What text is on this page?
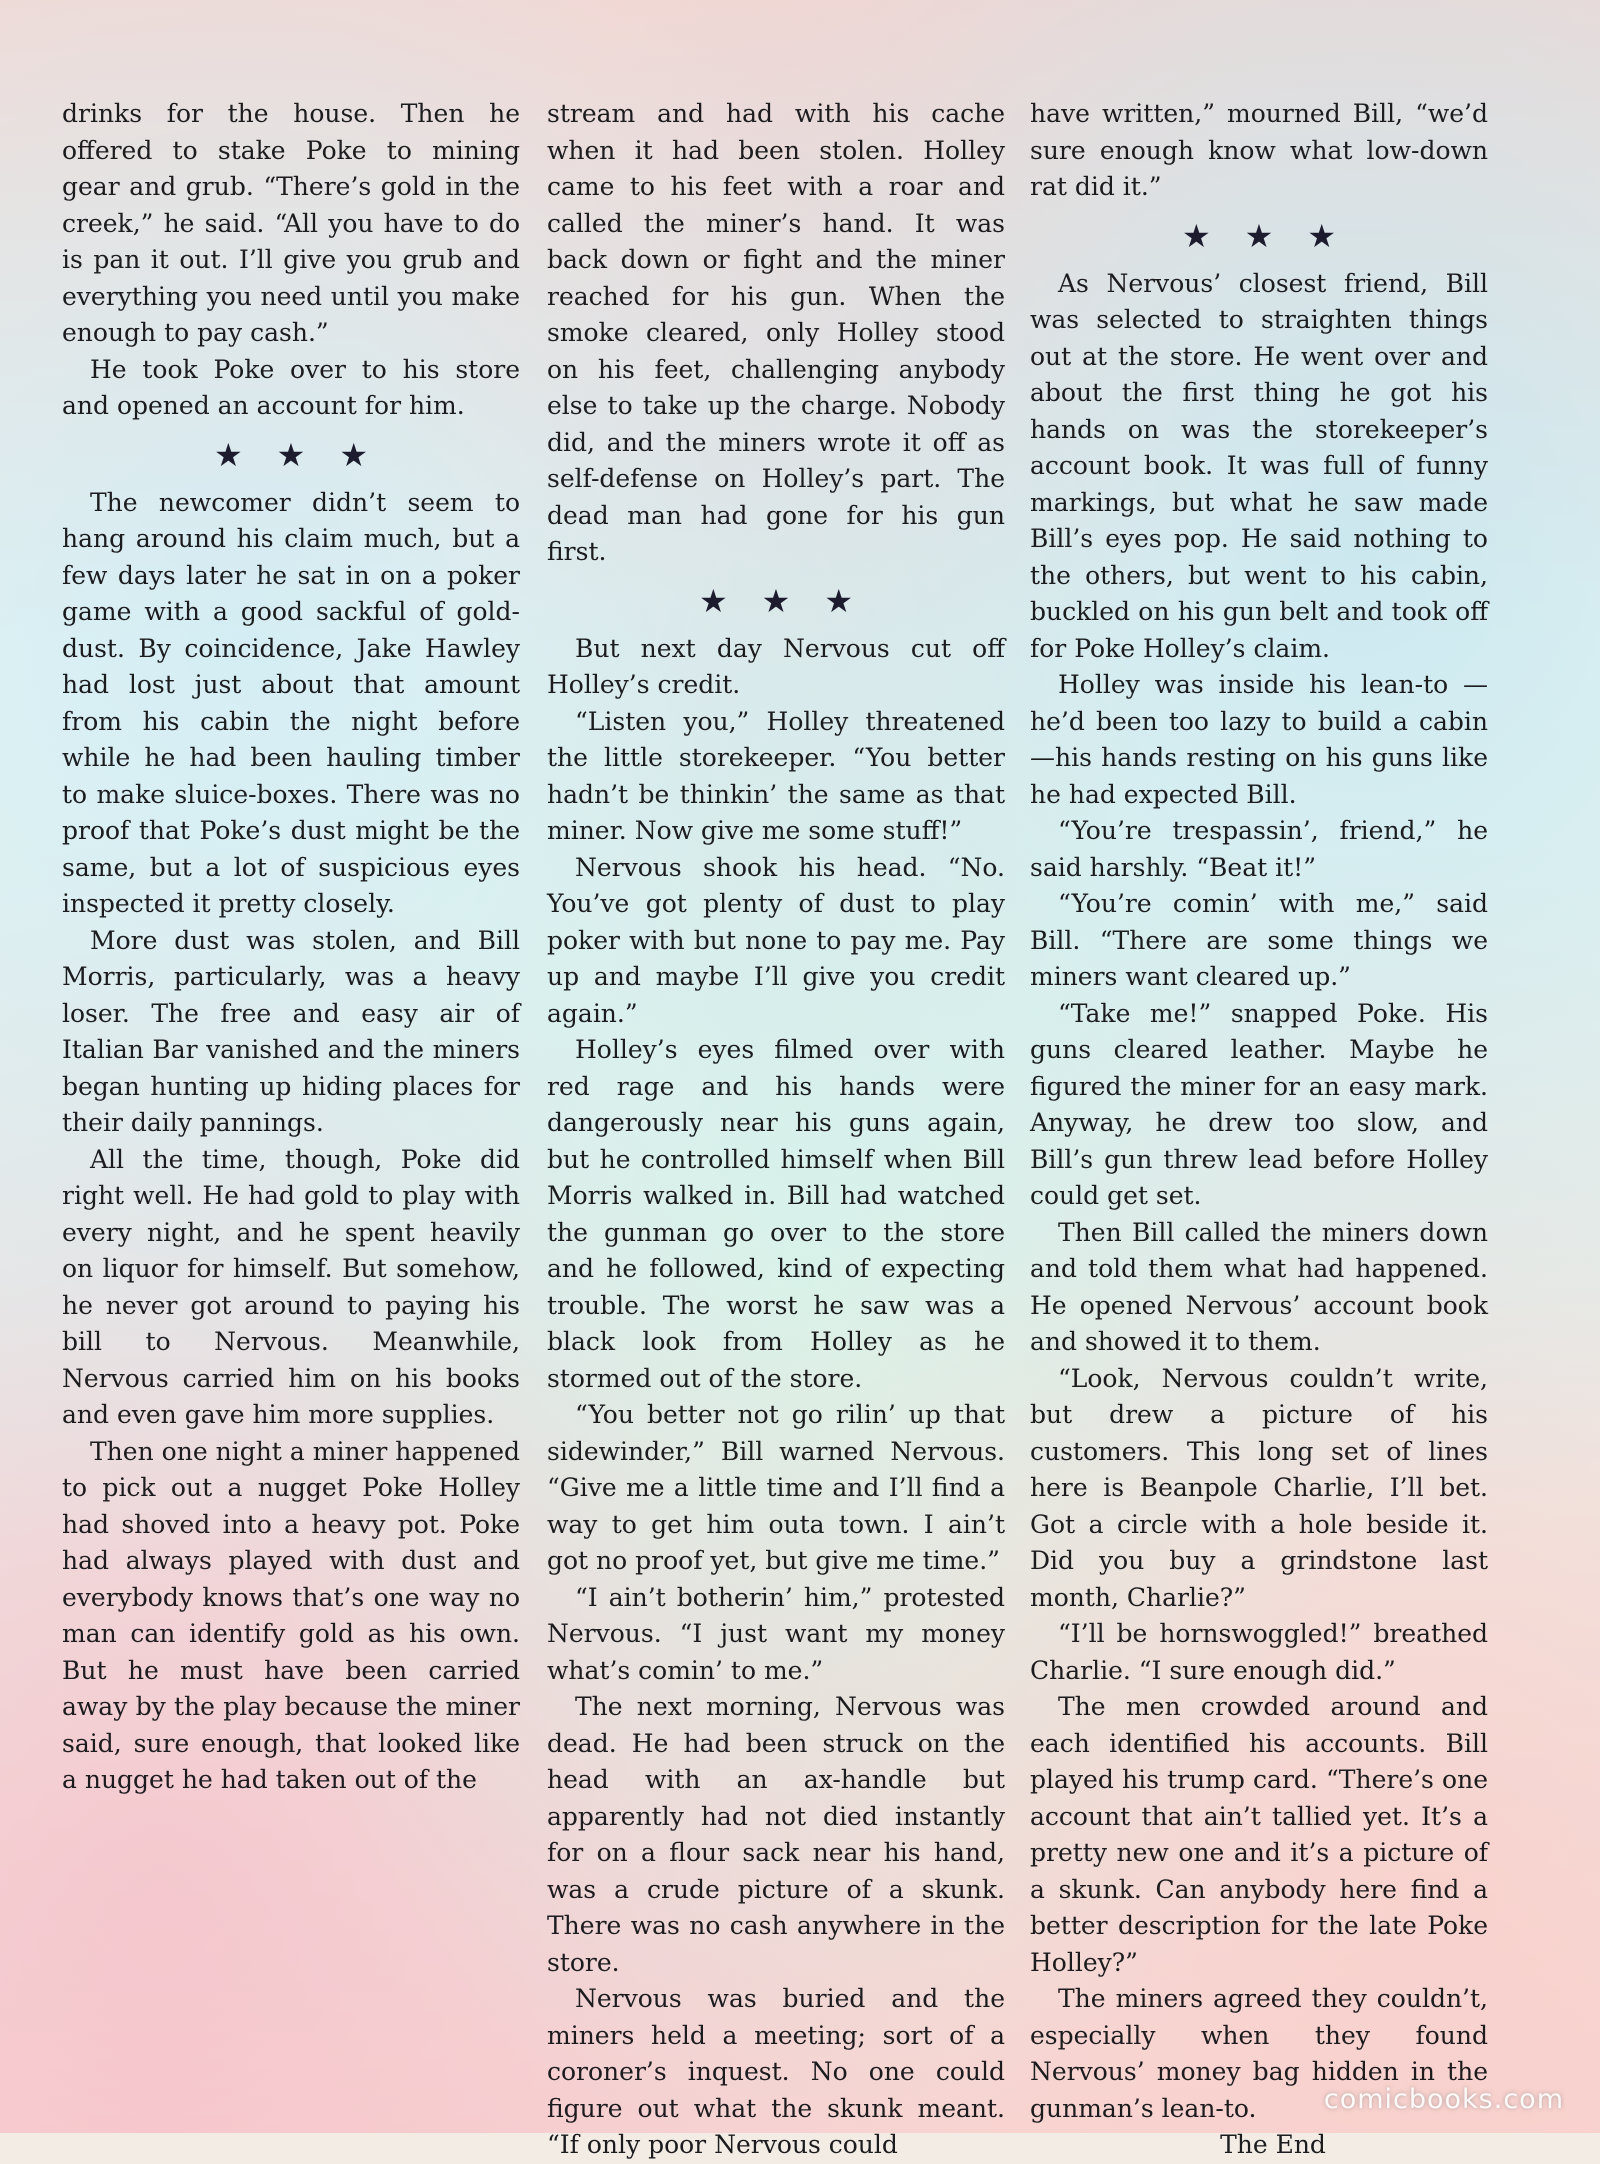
drinks for the house. Then he offered to stake Poke to mining gear and grub. “There’s gold in the creek,” he said. “All you have to do is pan it out. I’ll give you grub and everything you need until you make enough to pay cash.”

He took Poke over to his store and opened an account for him.

★★★

The newcomer didn’t seem to hang around his claim much, but a few days later he sat in on a poker game with a good sackful of gold-dust. By coincidence, Jake Hawley had lost just about that amount from his cabin the night before while he had been hauling timber to make sluice-boxes. There was no proof that Poke’s dust might be the same, but a lot of suspicious eyes inspected it pretty closely.

More dust was stolen, and Bill Morris, particularly, was a heavy loser. The free and easy air of Italian Bar vanished and the miners began hunting up hiding places for their daily pannings.

All the time, though, Poke did right well. He had gold to play with every night, and he spent heavily on liquor for himself. But somehow, he never got around to paying his bill to Nervous. Meanwhile, Nervous carried him on his books and even gave him more supplies.

Then one night a miner happened to pick out a nugget Poke Holley had shoved into a heavy pot. Poke had always played with dust and everybody knows that’s one way no man can identify gold as his own. But he must have been carried away by the play because the miner said, sure enough, that looked like a nugget he had taken out of the

stream and had with his cache when it had been stolen. Holley came to his feet with a roar and called the miner’s hand. It was back down or fight and the miner reached for his gun. When the smoke cleared, only Holley stood on his feet, challenging anybody else to take up the charge. Nobody did, and the miners wrote it off as self-defense on Holley’s part. The dead man had gone for his gun first.

★★★

But next day Nervous cut off Holley’s credit.

“Listen you,” Holley threatened the little storekeeper. “You better hadn’t be thinkin’ the same as that miner. Now give me some stuff!”

Nervous shook his head. “No. You’ve got plenty of dust to play poker with but none to pay me. Pay up and maybe I’ll give you credit again.”

Holley’s eyes filmed over with red rage and his hands were dangerously near his guns again, but he controlled himself when Bill Morris walked in. Bill had watched the gunman go over to the store and he followed, kind of expecting trouble. The worst he saw was a black look from Holley as he stormed out of the store.

“You better not go rilin’ up that sidewinder,” Bill warned Nervous. “Give me a little time and I’ll find a way to get him outa town. I ain’t got no proof yet, but give me time.”

“I ain’t botherin’ him,” protested Nervous. “I just want my money what’s comin’ to me.”

The next morning, Nervous was dead. He had been struck on the head with an ax-handle but apparently had not died instantly for on a flour sack near his hand, was a crude picture of a skunk. There was no cash anywhere in the store.

Nervous was buried and the miners held a meeting; sort of a coroner’s inquest. No one could figure out what the skunk meant. “If only poor Nervous could

have written,” mourned Bill, “we’d sure enough know what low-down rat did it.”

★★★

As Nervous’ closest friend, Bill was selected to straighten things out at the store. He went over and about the first thing he got his hands on was the storekeeper’s account book. It was full of funny markings, but what he saw made Bill’s eyes pop. He said nothing to the others, but went to his cabin, buckled on his gun belt and took off for Poke Holley’s claim.

Holley was inside his lean-to —he’d been too lazy to build a cabin—his hands resting on his guns like he had expected Bill.

“You’re trespassin’, friend,” he said harshly. “Beat it!”

“You’re comin’ with me,” said Bill. “There are some things we miners want cleared up.”

“Take me!” snapped Poke. His guns cleared leather. Maybe he figured the miner for an easy mark. Anyway, he drew too slow, and Bill’s gun threw lead before Holley could get set.

Then Bill called the miners down and told them what had happened. He opened Nervous’ account book and showed it to them.

“Look, Nervous couldn’t write, but drew a picture of his customers. This long set of lines here is Beanpole Charlie, I’ll bet. Got a circle with a hole beside it. Did you buy a grindstone last month, Charlie?”

“I’ll be hornswoggled!” breathed Charlie. “I sure enough did.”

The men crowded around and each identified his accounts. Bill played his trump card. “There’s one account that ain’t tallied yet. It’s a pretty new one and it’s a picture of a skunk. Can anybody here find a better description for the late Poke Holley?”

The miners agreed they couldn’t, especially when they found Nervous’ money bag hidden in the gunman’s lean-to.

The End

comicbooks.com
